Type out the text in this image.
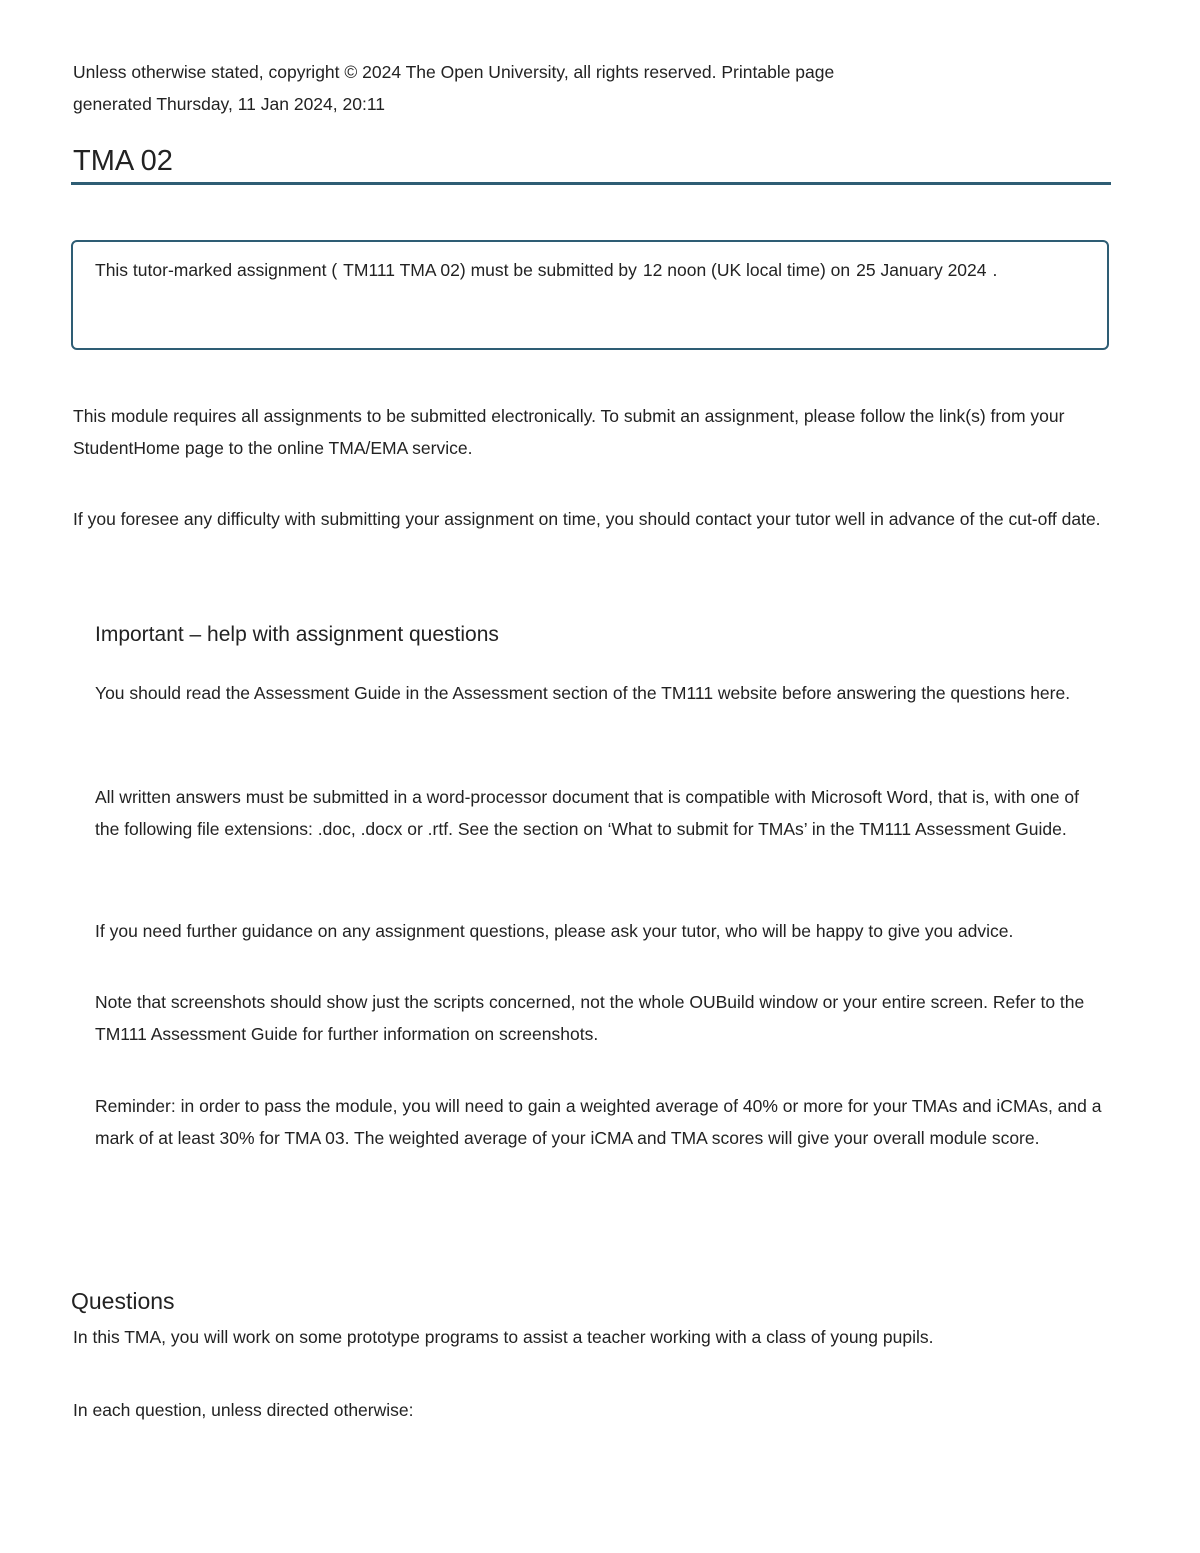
Unless otherwise stated, copyright © 2024 The Open University, all rights reserved. Printable page generated Thursday, 11 Jan 2024, 20:11
TMA 02
This tutor-marked assignment ( TM111 TMA 02) must be submitted by 12 noon (UK local time) on 25 January 2024 .

This module requires all assignments to be submitted electronically. To submit an assignment, please follow the link(s) from your StudentHome page to the online TMA/EMA service.

If you foresee any difficulty with submitting your assignment on time, you should contact your tutor well in advance of the cut-off date.

Important – help with assignment questions

You should read the Assessment Guide in the Assessment section of the TM111 website before answering the questions here.

All written answers must be submitted in a word-processor document that is compatible with Microsoft Word, that is, with one of the following file extensions: .doc, .docx or .rtf. See the section on ‘What to submit for TMAs’ in the TM111 Assessment Guide.

If you need further guidance on any assignment questions, please ask your tutor, who will be happy to give you advice.

Note that screenshots should show just the scripts concerned, not the whole OUBuild window or your entire screen. Refer to the TM111 Assessment Guide for further information on screenshots.

Reminder: in order to pass the module, you will need to gain a weighted average of 40% or more for your TMAs and iCMAs, and a mark of at least 30% for TMA 03. The weighted average of your iCMA and TMA scores will give your overall module score.

Questions

In this TMA, you will work on some prototype programs to assist a teacher working with a class of young pupils.

In each question, unless directed otherwise:
